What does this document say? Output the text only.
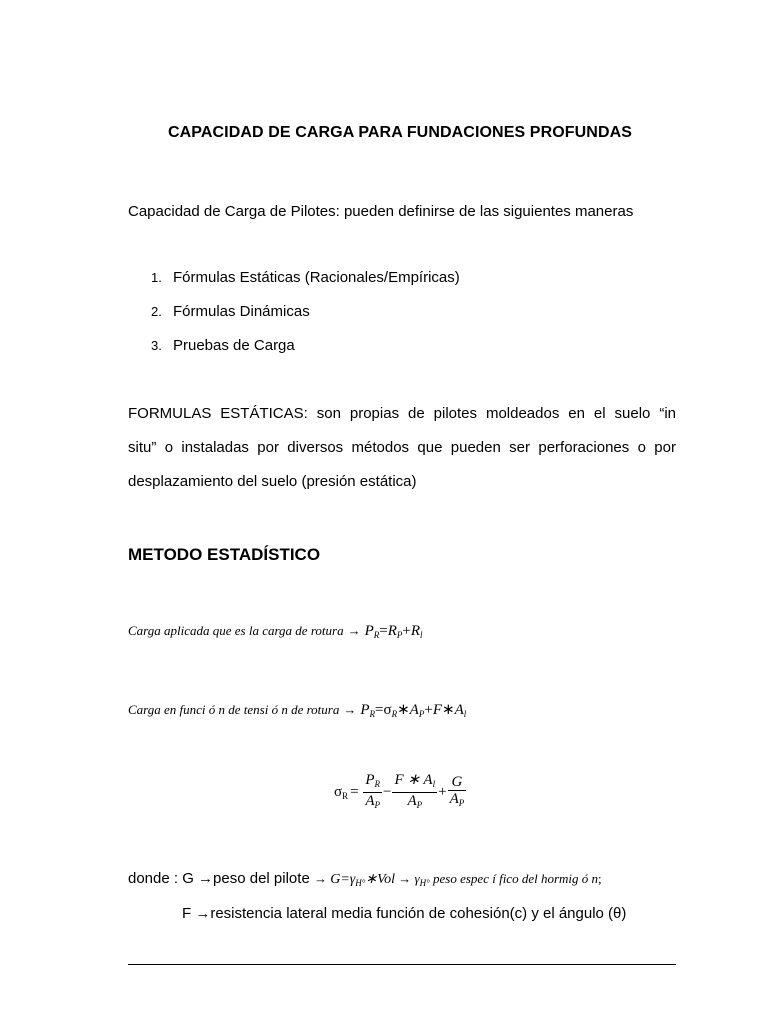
CAPACIDAD DE CARGA PARA FUNDACIONES PROFUNDAS
Capacidad de Carga de Pilotes: pueden definirse de las siguientes maneras
1. Fórmulas Estáticas (Racionales/Empíricas)
2. Fórmulas Dinámicas
3. Pruebas de Carga
FORMULAS ESTÁTICAS: son propias de pilotes moldeados en el suelo “in
situ” o instaladas por diversos métodos que pueden ser perforaciones o por
desplazamiento del suelo (presión estática)
METODO ESTADÍSTICO
Carga aplicada que es la carga de rotura → $P_R=R_P+R_l$
Carga en funci ó n de tensi ó n de rotura → $P_R=\sigma_R∗A_P+F∗A_l$
$\sigma_R = \frac{P_R}{A_P} - \frac{F ∗ A_l}{A_P} + \frac{G}{A_P}$
donde : G →peso del pilote → $G=\gamma_{H^\circ}∗Vol \to \gamma_{H^\circ}$ peso espec í fico del hormig ó n;
F →resistencia lateral media función de cohesión(c) y el ángulo (θ)
